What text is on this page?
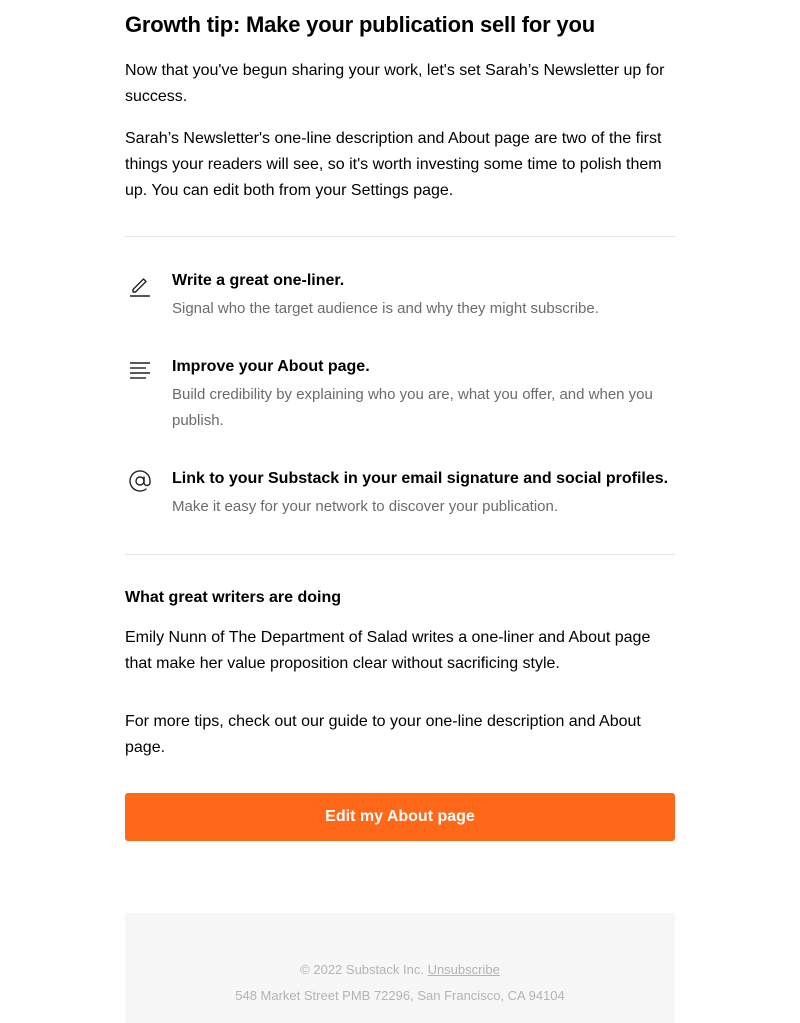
Growth tip: Make your publication sell for you

Now that you've begun sharing your work, let's set Sarah’s Newsletter up for success.

Sarah’s Newsletter's one-line description and About page are two of the first things your readers will see, so it's worth investing some time to polish them up. You can edit both from your Settings page.

Write a great one-liner.
Signal who the target audience is and why they might subscribe.
Improve your About page.
Build credibility by explaining who you are, what you offer, and when you publish.
Link to your Substack in your email signature and social profiles.
Make it easy for your network to discover your publication.
What great writers are doing

Emily Nunn of The Department of Salad writes a one-liner and About page that make her value proposition clear without sacrificing style.

For more tips, check out our guide to your one-line description and About page.

Edit my About page
© 2022 Substack Inc. Unsubscribe
548 Market Street PMB 72296, San Francisco, CA 94104
